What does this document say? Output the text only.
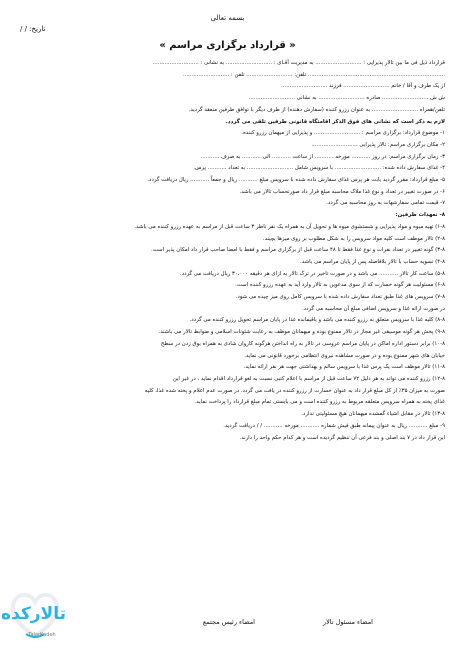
بسمه تعالی
تاریخ: / /
« قرارداد برگزاری مراسم »
قرارداد ذیل فی ما بین تالار پذیرایی : ........................... به مدیریت آقـای : ........................... به نشانی : ...........................
................................................................................ تلفن: ........................... تلفن : ...........................
از یک طرف و آقا / خانم ........................... فرزند ...........................
ش ش ........................... صادره ........................... به نشانی ...........................
تلفن/همراه ........................... به عنوان رزرو کننده (سفارش دهنده) از طرف دیگر با توافق طرفین منعقد گردید.
لازم به ذکر است که نشانی های فوق الذکر اقامتگاه قانونی طرفین تلقی می گردد.
۱- موضوع قرارداد: برگزاری مراسم : ........................... و پذیرایی از میهمان رزرو کننده.
۲- مکان برگزاری مراسم: تالار پذیرایی ...........................
۳- زمان برگزاری مراسم: در روز ........... مورخه ........... از ساعت ........... الی ........... به صرف ...........
۴- غذای سفارش داده شده: ........................... با سرویس شامل ........................... به تعداد ........... پرس.
۵- مبلغ قرارداد: مقرر گردید بابت هر پرس غذای سفارش داده شده با سرویس مبلغ ........... ریال و جمعاً ........... ریال دریافت گردد.
۶- در صورت تغییر در تعداد و نوع غذا ملاک محاسبه مبلغ قرار داد صورتحساب تالار می باشد.
۷- قیمت تمامی سفارشهات به روز محاسبه می گردد.
۸- تعهدات طرفین:
۱-۸) تهیه میوه و مواد پذیرایی و شستشوی میوه ها و تحویل آن به همراه یک نفر ناظر ۳ ساعت قبل از مراسم به عهده رزرو کننده می باشد.
۲-۸) تالار موظف است کلیه مواد سرویس را به شکل مطلوب بر روی میزها بچیند.
۳-۸) گونه تغییر در تعداد نفرات و نوع غذا فقط تا ۴۸ ساعت قبل از برگزاری مراسم و فقط با امضا صاحب قرار داد امکان پذیر است.
۴-۸) تسویه حساب با تالار بلافاصله پس از پایان مراسم می باشد.
۵-۸) ساعت کار تالار ........... می باشد و در صورت تاخیر در ترک تالار به ازای هر دقیقه ۳۰،۰۰۰ ریال دریافت می گردد.
۶-۸) مسئولیت هر گونه خسارت که از سوی مدعوین به تالار وارد آید به عهده رزرو کننده است.
۷-۸) سرویس های غذا طبق تعداد سفارش داده شده با سرویس کامل روی میز چیده می شود.
در صورت ارائه غذا و سرویس اضافی مبلغ آن محاسبه می گردد.
۸-۸) کلیه غذا با سرویس متعلق به رزرو کننده می باشد و باقیمانده غذا در پایان مراسم تحویل رزرو کننده می گردد.
۹-۸) پخش هر گونه موسیقی غیر مجاز در تالار ممنوع بوده و میهمانان موظف به رعایت شئونات اسلامی و ضوابط تالار می باشند.
۱۰-۸) برابر دستور اداره اماکن در پایان مراسم عروسی در تالار به راه انداختن هرگونه کاروان شادی به همراه بوق زدن در سطح
خیابان های شهر ممنوع بوده و در صورت مشاهده نیروی انتظامی برخورد قانونی می نماید.
۱۱-۸) تالار موظف است یک پرس غذا با سرویس سالم و بهداشتی جهت هر نفر ارائه نماید.
۱۲-۸) رزرو کننده می تواند به هر دلیل ۷۲ ساعت قبل از مراسم با اعلام کتبی نسبت به لغو قرارداد اقدام نماید ، در غیر این
صورت به میزان ۳۵٪ از کل مبلغ قرار داد به عنوان خسارت از رزرو کننده در یافت می گردد. در صورت عدم اعلام و پخته شده غذا، کلیه
غذای پخته به همراه سرویس متعلقه مربوط به رزرو کننده است و می بایستی تمام مبلغ قرارداد را پرداخت نماید.
۱۳-۸) تالار در مقابل اشیاء گمشده میهمانان هیچ مسئولیتی ندارد.
۹- مبلغ ........... ریال به عنوان پیمانه طبق فیش شماره ........... مورخه ........... / / دریافت گردید.
این قرار داد در ۷ بند اصلی و بند فرعی آن تنظیم گردیده است و هر کدام حکم واحد را دارند.
امضاء مسئول تالار
امضاء رئیس مجتمع
تالارکده
TalarKadeh
